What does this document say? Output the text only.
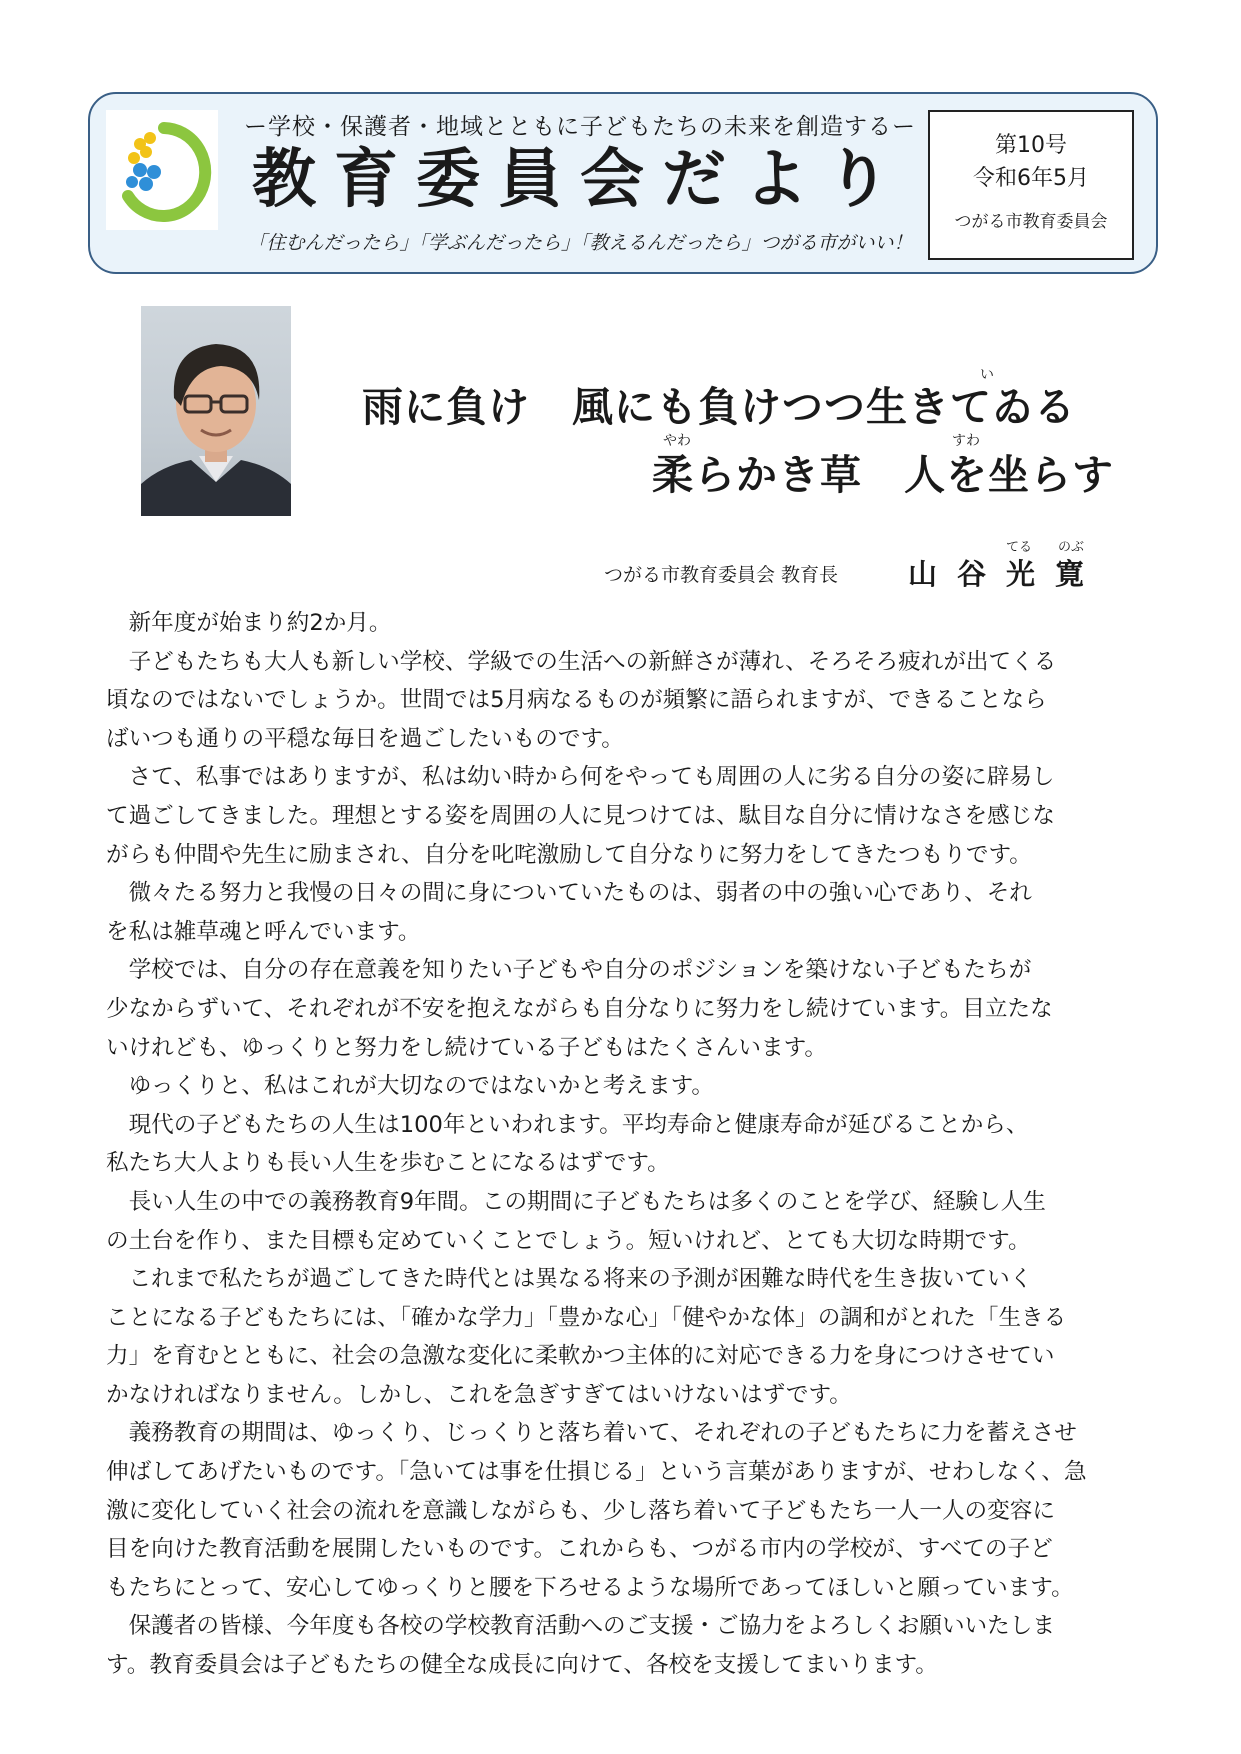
ー学校・保護者・地域とともに子どもたちの未来を創造するー
教育委員会だより
「住むんだったら」「学ぶんだったら」「教えるんだったら」つがる市がいい！
第10号
令和6年5月
つがる市教育委員会
い
雨に負け　風にも負けつつ生きてゐる
やわ	すわ
柔らかき草　人を坐らす
つがる市教育委員会 教育長
てる のぶ
山谷光寛
　新年度が始まり約2か月。
　子どもたちも大人も新しい学校、学級での生活への新鮮さが薄れ、そろそろ疲れが出てくる
頃なのではないでしょうか。世間では5月病なるものが頻繁に語られますが、できることなら
ばいつも通りの平穏な毎日を過ごしたいものです。
　さて、私事ではありますが、私は幼い時から何をやっても周囲の人に劣る自分の姿に辟易し
て過ごしてきました。理想とする姿を周囲の人に見つけては、駄目な自分に情けなさを感じな
がらも仲間や先生に励まされ、自分を叱咤激励して自分なりに努力をしてきたつもりです。
　微々たる努力と我慢の日々の間に身についていたものは、弱者の中の強い心であり、それ
を私は雑草魂と呼んでいます。
　学校では、自分の存在意義を知りたい子どもや自分のポジションを築けない子どもたちが
少なからずいて、それぞれが不安を抱えながらも自分なりに努力をし続けています。目立たな
いけれども、ゆっくりと努力をし続けている子どもはたくさんいます。
　ゆっくりと、私はこれが大切なのではないかと考えます。
　現代の子どもたちの人生は100年といわれます。平均寿命と健康寿命が延びることから、
私たち大人よりも長い人生を歩むことになるはずです。
　長い人生の中での義務教育9年間。この期間に子どもたちは多くのことを学び、経験し人生
の土台を作り、また目標も定めていくことでしょう。短いけれど、とても大切な時期です。
　これまで私たちが過ごしてきた時代とは異なる将来の予測が困難な時代を生き抜いていく
ことになる子どもたちには、「確かな学力」「豊かな心」「健やかな体」の調和がとれた「生きる
力」を育むとともに、社会の急激な変化に柔軟かつ主体的に対応できる力を身につけさせてい
かなければなりません。しかし、これを急ぎすぎてはいけないはずです。
　義務教育の期間は、ゆっくり、じっくりと落ち着いて、それぞれの子どもたちに力を蓄えさせ
伸ばしてあげたいものです。「急いては事を仕損じる」という言葉がありますが、せわしなく、急
激に変化していく社会の流れを意識しながらも、少し落ち着いて子どもたち一人一人の変容に
目を向けた教育活動を展開したいものです。これからも、つがる市内の学校が、すべての子ど
もたちにとって、安心してゆっくりと腰を下ろせるような場所であってほしいと願っています。
　保護者の皆様、今年度も各校の学校教育活動へのご支援・ご協力をよろしくお願いいたしま
す。教育委員会は子どもたちの健全な成長に向けて、各校を支援してまいります。
